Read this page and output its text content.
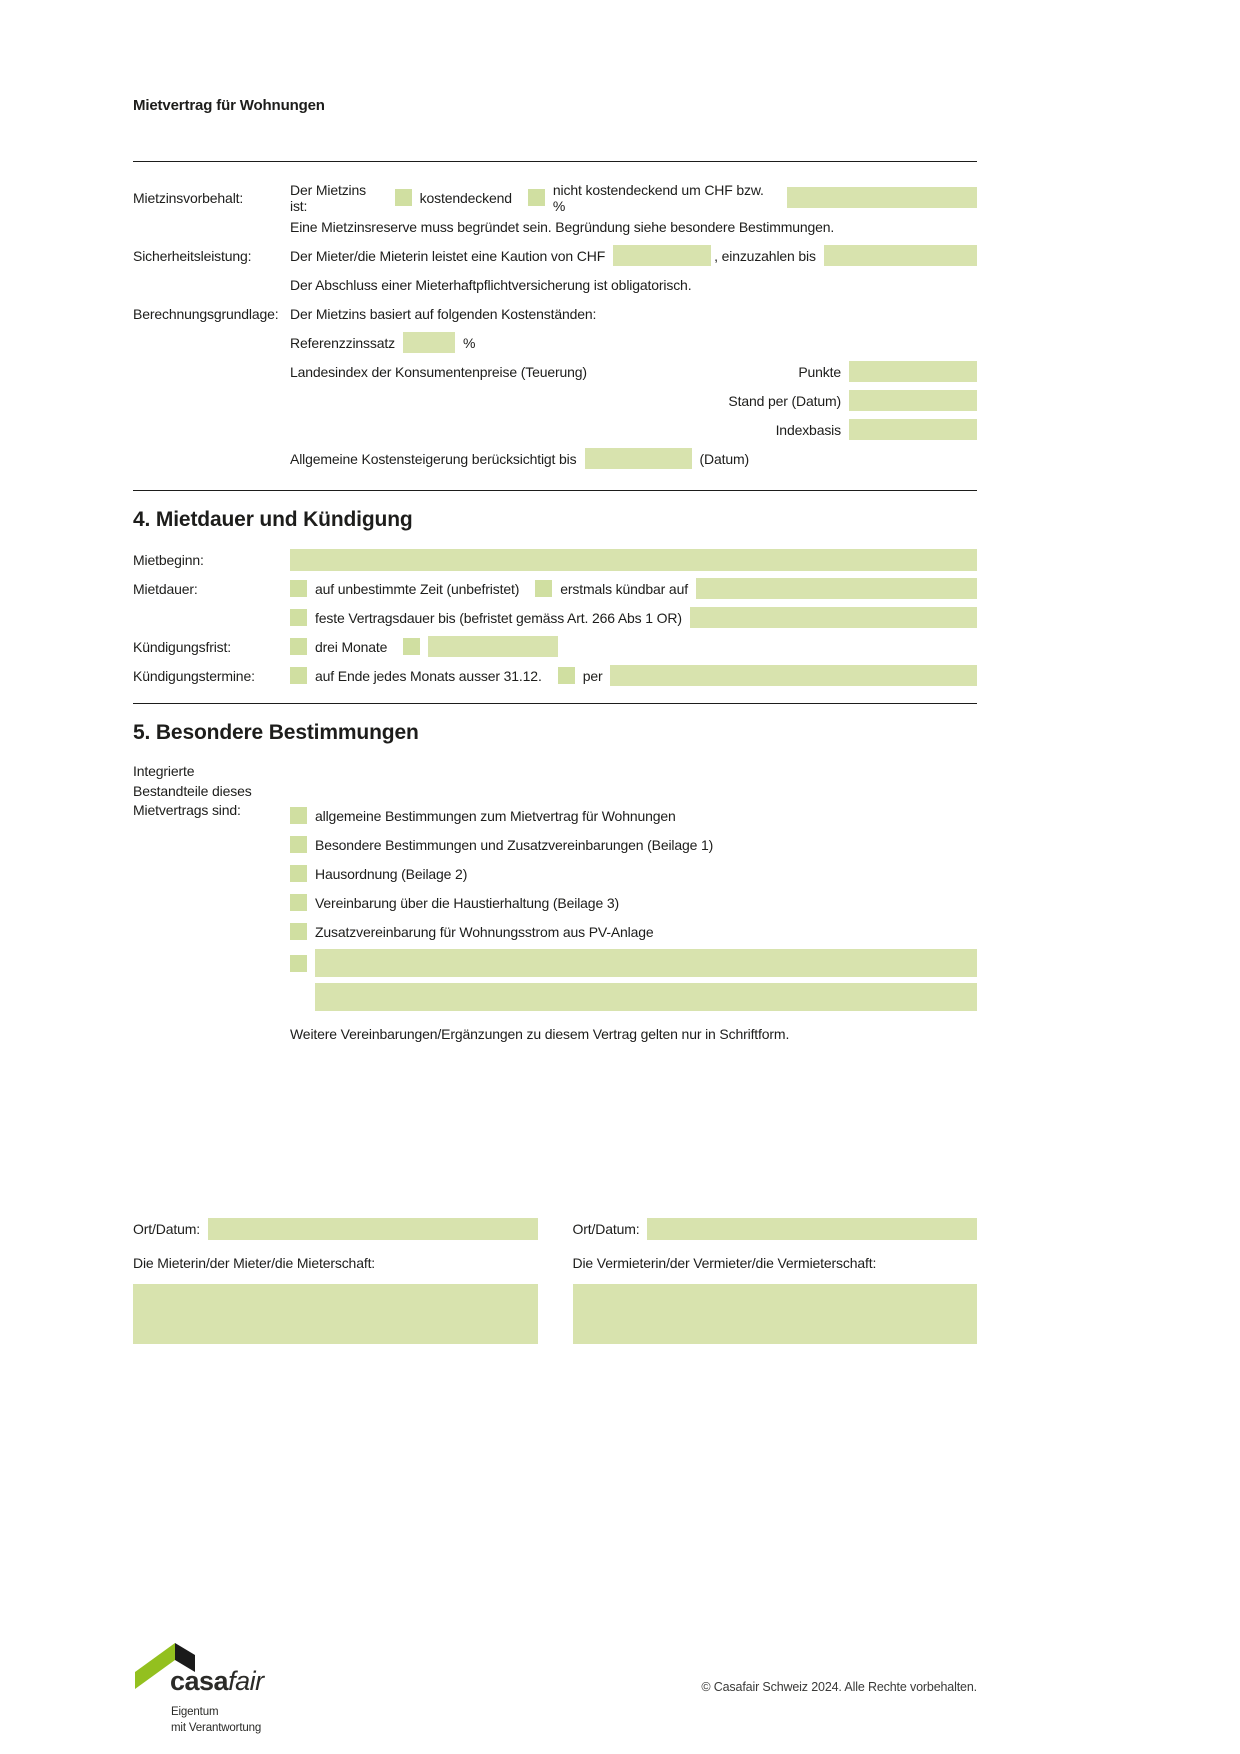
Mietvertrag für Wohnungen
Mietzinsvorbehalt:	Der Mietzins ist:	kostendeckend	nicht kostendeckend um CHF bzw. %
Eine Mietzinsreserve muss begründet sein. Begründung siehe besondere Bestimmungen.
Sicherheitsleistung:	Der Mieter/die Mieterin leistet eine Kaution von CHF	, einzuzahlen bis
Der Abschluss einer Mieterhaftpflichtversicherung ist obligatorisch.
Berechnungsgrundlage: Der Mietzins basiert auf folgenden Kostenständen:
Referenzzinssatz	%
Landesindex der Konsumentenpreise (Teuerung)	Punkte
Stand per (Datum)
Indexbasis
Allgemeine Kostensteigerung berücksichtigt bis	(Datum)
4. Mietdauer und Kündigung
Mietbeginn:
Mietdauer:	auf unbestimmte Zeit (unbefristet)	erstmals kündbar auf
feste Vertragsdauer bis (befristet gemäss Art. 266 Abs 1 OR)
Kündigungsfrist:	drei Monate
Kündigungstermine:	auf Ende jedes Monats ausser 31.12.	per
5. Besondere Bestimmungen
Integrierte
Bestandteile dieses
Mietvertrags sind:	allgemeine Bestimmungen zum Mietvertrag für Wohnungen
Besondere Bestimmungen und Zusatzvereinbarungen (Beilage 1)
Hausordnung (Beilage 2)
Vereinbarung über die Haustierhaltung (Beilage 3)
Zusatzvereinbarung für Wohnungsstrom aus PV-Anlage
Weitere Vereinbarungen/Ergänzungen zu diesem Vertrag gelten nur in Schriftform.
Ort/Datum:
Die Mieterin/der Mieter/die Mieterschaft:
Ort/Datum:
Die Vermieterin/der Vermieter/die Vermieterschaft:
casafair
Eigentum
mit Verantwortung
© Casafair Schweiz 2024. Alle Rechte vorbehalten.
